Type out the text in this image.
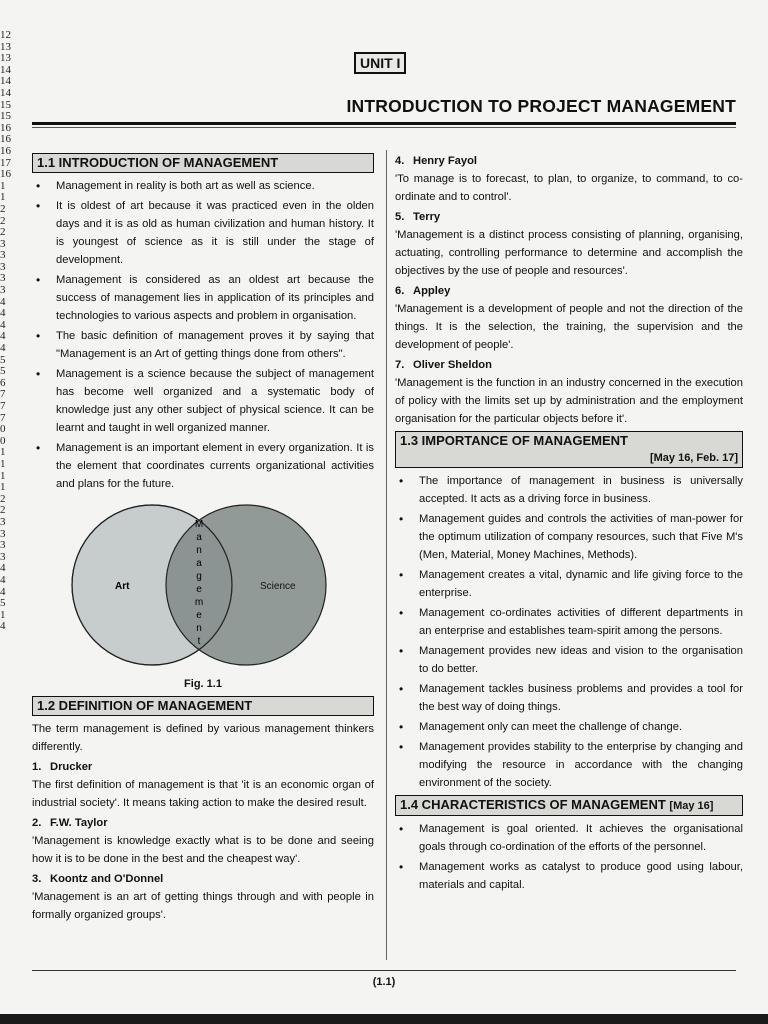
12
13
13
14
14
14
15
15
16
16
16
17
16
1
1
2
2
2
3
3
3
3
3
4
4
4
4
4
5
5
6
7
7
7
0
0
1
1
1
1
2
2
3
3
3
3
4
4
4
5
1
4
UNIT I
INTRODUCTION TO PROJECT MANAGEMENT
1.1 INTRODUCTION OF MANAGEMENT
• Management in reality is both art as well as science.
• It is oldest of art because it was practiced even in the olden days and it is as old as human civilization and human history. It is youngest of science as it is still under the stage of development.
• Management is considered as an oldest art because the success of management lies in application of its principles and technologies to various aspects and problem in organisation.
• The basic definition of management proves it by saying that "Management is an Art of getting things done from others".
• Management is a science because the subject of management has become well organized and a systematic body of knowledge just any other subject of physical science. It can be learnt and taught in well organized manner.
• Management is an important element in every organization. It is the element that coordinates currents organizational activities and plans for the future.
Art	Science
M
a
n
a
g
e
m
e
n
t
Fig. 1.1
1.2 DEFINITION OF MANAGEMENT

The term management is defined by various management thinkers differently.

1. Drucker

The first definition of management is that 'it is an economic organ of industrial society'. It means taking action to make the desired result.

2. F.W. Taylor

'Management is knowledge exactly what is to be done and seeing how it is to be done in the best and the cheapest way'.

3. Koontz and O'Donnel

'Management is an art of getting things through and with people in formally organized groups'.

4. Henry Fayol

'To manage is to forecast, to plan, to organize, to command, to co-ordinate and to control'.

5. Terry

'Management is a distinct process consisting of planning, organising, actuating, controlling performance to determine and accomplish the objectives by the use of people and resources'.

6. Appley

'Management is a development of people and not the direction of the things. It is the selection, the training, the supervision and the development of people'.

7. Oliver Sheldon

'Management is the function in an industry concerned in the execution of policy with the limits set up by administration and the employment organisation for the particular objects before it'.

1.3 IMPORTANCE OF MANAGEMENT
[May 16, Feb. 17]
• The importance of management in business is universally accepted. It acts as a driving force in business.
• Management guides and controls the activities of man-power for the optimum utilization of company resources, such that Five M's (Men, Material, Money Machines, Methods).
• Management creates a vital, dynamic and life giving force to the enterprise.
• Management co-ordinates activities of different departments in an enterprise and establishes team-spirit among the persons.
• Management provides new ideas and vision to the organisation to do better.
• Management tackles business problems and provides a tool for the best way of doing things.
• Management only can meet the challenge of change.
• Management provides stability to the enterprise by changing and modifying the resource in accordance with the changing environment of the society.
1.4 CHARACTERISTICS OF MANAGEMENT [May 16]
• Management is goal oriented. It achieves the organisational goals through co-ordination of the efforts of the personnel.
• Management works as catalyst to produce good using labour, materials and capital.
(1.1)
